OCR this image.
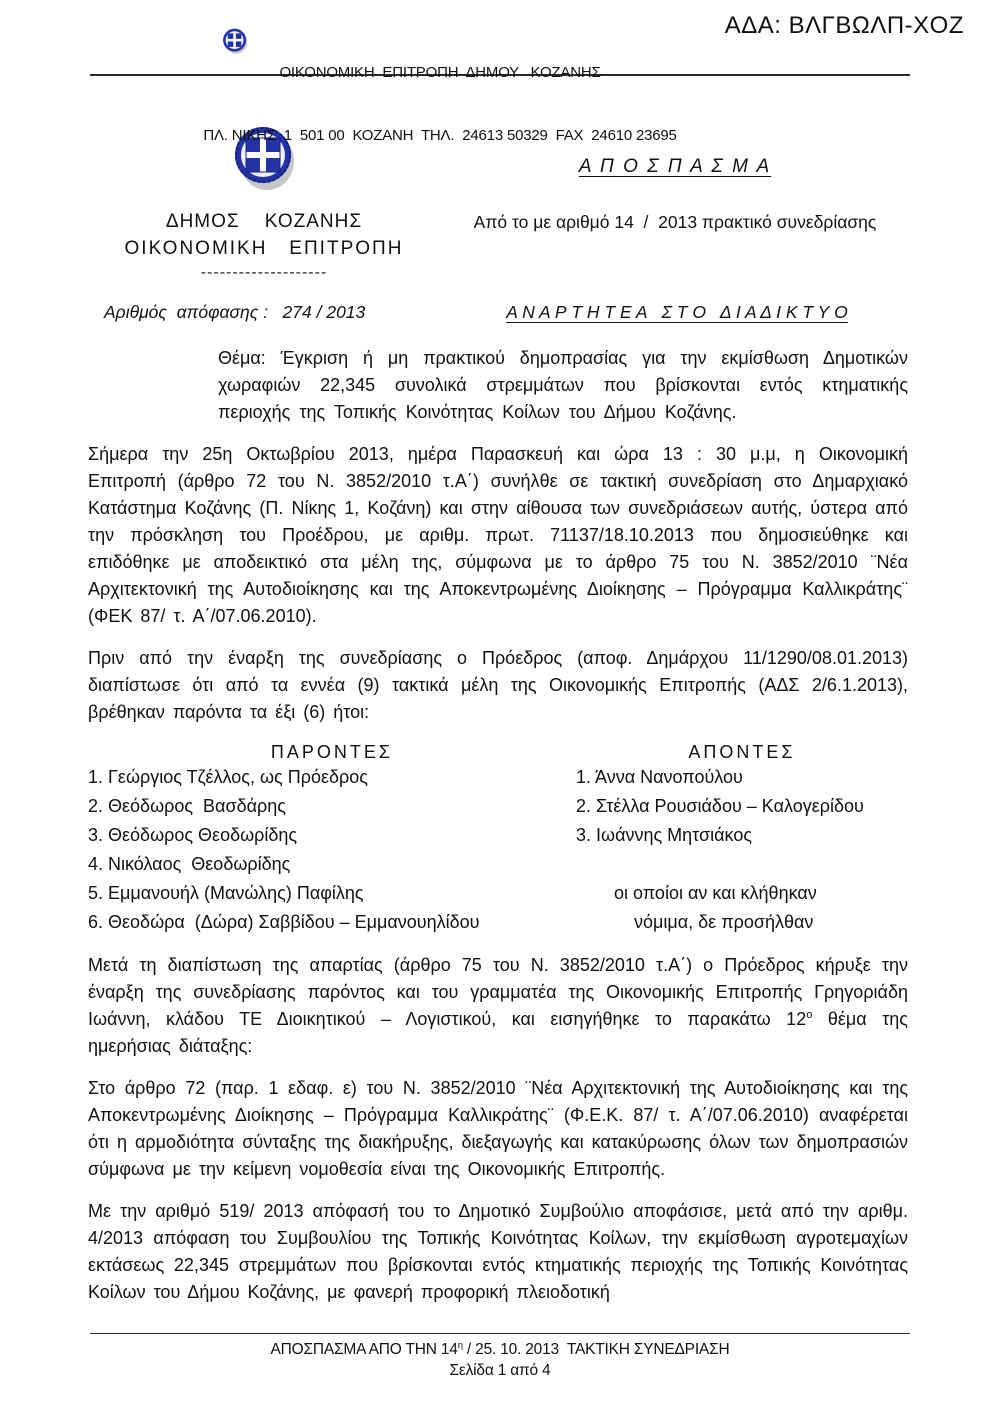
ΟΙΚΟΝΟΜΙΚΗ  ΕΠΙΤΡΟΠΗ  ΔΗΜΟΥ   ΚΟΖΑΝΗΣ

ΠΛ. ΝΙΚΗΣ  1  501 00  ΚΟΖΑΝΗ  ΤΗΛ.  24613 50329  FAX  24610 23695

ΑΔΑ: ΒΛΓΒΩΛΠ-ΧΟΖ
ΔΗΜΟΣ    ΚΟΖΑΝΗΣ
ΟΙΚΟΝΟΜΙΚΗ   ΕΠΙΤΡΟΠΗ
--------------------
Α Π Ο Σ Π Α Σ Μ Α
Από το με αριθμό 14  /  2013 πρακτικό συνεδρίασης
Αριθμός  απόφασης :   274 / 2013	Α Ν Α Ρ Τ Η Τ Ε Α   Σ Τ Ο   Δ Ι Α Δ Ι Κ Τ Υ Ο
Θέμα: Έγκριση ή μη πρακτικού δημοπρασίας για την εκμίσθωση Δημοτικών χωραφιών 22,345 συνολικά στρεμμάτων που βρίσκονται εντός κτηματικής περιοχής της Τοπικής Κοινότητας Κοίλων του Δήμου Κοζάνης.
Σήμερα την 25η Οκτωβρίου 2013, ημέρα Παρασκευή και ώρα 13 : 30 μ.μ, η Οικονομική Επιτροπή (άρθρο 72 του Ν. 3852/2010 τ.Α΄) συνήλθε σε τακτική συνεδρίαση στο Δημαρχιακό Κατάστημα Κοζάνης (Π. Νίκης 1, Κοζάνη) και στην αίθουσα των συνεδριάσεων αυτής, ύστερα από την πρόσκληση του Προέδρου, με αριθμ. πρωτ. 71137/18.10.2013 που δημοσιεύθηκε και επιδόθηκε με αποδεικτικό στα μέλη της, σύμφωνα με το άρθρο 75 του Ν. 3852/2010 ¨Νέα Αρχιτεκτονική της Αυτοδιοίκησης και της Αποκεντρωμένης Διοίκησης – Πρόγραμμα Καλλικράτης¨ (ΦΕΚ 87/ τ. Α΄/07.06.2010).
Πριν από την έναρξη της συνεδρίασης ο Πρόεδρος (αποφ. Δημάρχου 11/1290/08.01.2013) διαπίστωσε ότι από τα εννέα (9) τακτικά μέλη της Οικονομικής Επιτροπής (ΑΔΣ 2/6.1.2013), βρέθηκαν παρόντα τα έξι (6) ήτοι:
ΠΑΡΟΝΤΕΣ	ΑΠΟΝΤΕΣ
1. Γεώργιος Τζέλλος, ως Πρόεδρος	1. Άννα Νανοπούλου
2. Θεόδωρος  Βασδάρης	2. Στέλλα Ρουσιάδου – Καλογερίδου
3. Θεόδωρος Θεοδωρίδης	3. Ιωάννης Μητσιάκος
4. Νικόλαος  Θεοδωρίδης
5. Εμμανουήλ (Μανώλης) Παφίλης	οι οποίοι αν και κλήθηκαν
6. Θεοδώρα  (Δώρα) Σαββίδου – Εμμανουηλίδου	νόμιμα, δε προσήλθαν
Μετά τη διαπίστωση της απαρτίας (άρθρο 75 του Ν. 3852/2010 τ.Α΄) ο Πρόεδρος κήρυξε την έναρξη της συνεδρίασης παρόντος και του γραμματέα της Οικονομικής Επιτροπής Γρηγοριάδη Ιωάννη, κλάδου ΤΕ Διοικητικού – Λογιστικού, και εισηγήθηκε το παρακάτω $12^o$ θέμα της ημερήσιας διάταξης:
Στο άρθρο 72 (παρ. 1 εδαφ. ε) του Ν. 3852/2010 ¨Νέα Αρχιτεκτονική της Αυτοδιοίκησης και της Αποκεντρωμένης Διοίκησης – Πρόγραμμα Καλλικράτης¨ (Φ.Ε.Κ. 87/ τ. Α΄/07.06.2010) αναφέρεται ότι η αρμοδιότητα σύνταξης της διακήρυξης, διεξαγωγής και κατακύρωσης όλων των δημοπρασιών σύμφωνα με την κείμενη νομοθεσία είναι της Οικονομικής Επιτροπής.
Με την αριθμό 519/ 2013 απόφασή του το Δημοτικό Συμβούλιο αποφάσισε, μετά από την αριθμ. 4/2013 απόφαση του Συμβουλίου της Τοπικής Κοινότητας Κοίλων, την εκμίσθωση αγροτεμαχίων εκτάσεως 22,345 στρεμμάτων που βρίσκονται εντός κτηματικής περιοχής της Τοπικής Κοινότητας Κοίλων του Δήμου Κοζάνης, με φανερή προφορική πλειοδοτική
ΑΠΟΣΠΑΣΜΑ ΑΠΟ ΤΗΝ $14^\eta / 25$. 10. 2013  ΤΑΚΤΙΚΗ ΣΥΝΕΔΡΙΑΣΗ
Σελίδα 1 από 4
